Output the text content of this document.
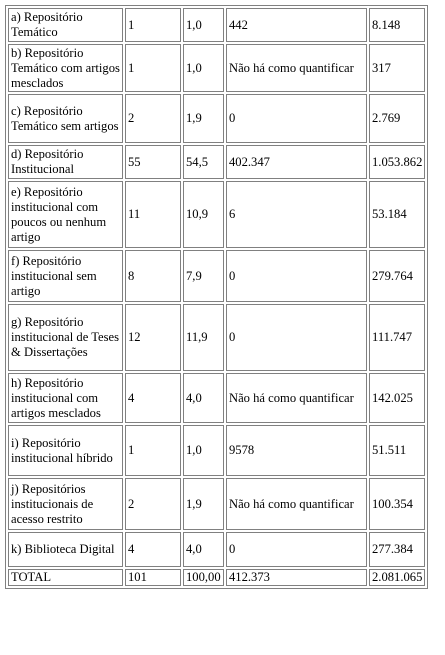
a) Repositório Temático	1	1,0	442	8.148
b) Repositório Temático com artigos mesclados	1	1,0	Não há como quantificar	317
c) Repositório Temático sem artigos	2	1,9	0	2.769
d) Repositório Institucional	55	54,5	402.347	1.053.862
e) Repositório institucional com poucos ou nenhum artigo	11	10,9	6	53.184
f) Repositório institucional sem artigo	8	7,9	0	279.764
g) Repositório institucional de Teses & Dissertações	12	11,9	0	111.747
h) Repositório institucional com artigos mesclados	4	4,0	Não há como quantificar	142.025
i) Repositório institucional híbrido	1	1,0	9578	51.511
j) Repositórios institucionais de acesso restrito	2	1,9	Não há como quantificar	100.354
k) Biblioteca Digital	4	4,0	0	277.384
TOTAL	101	100,00	412.373	2.081.065
